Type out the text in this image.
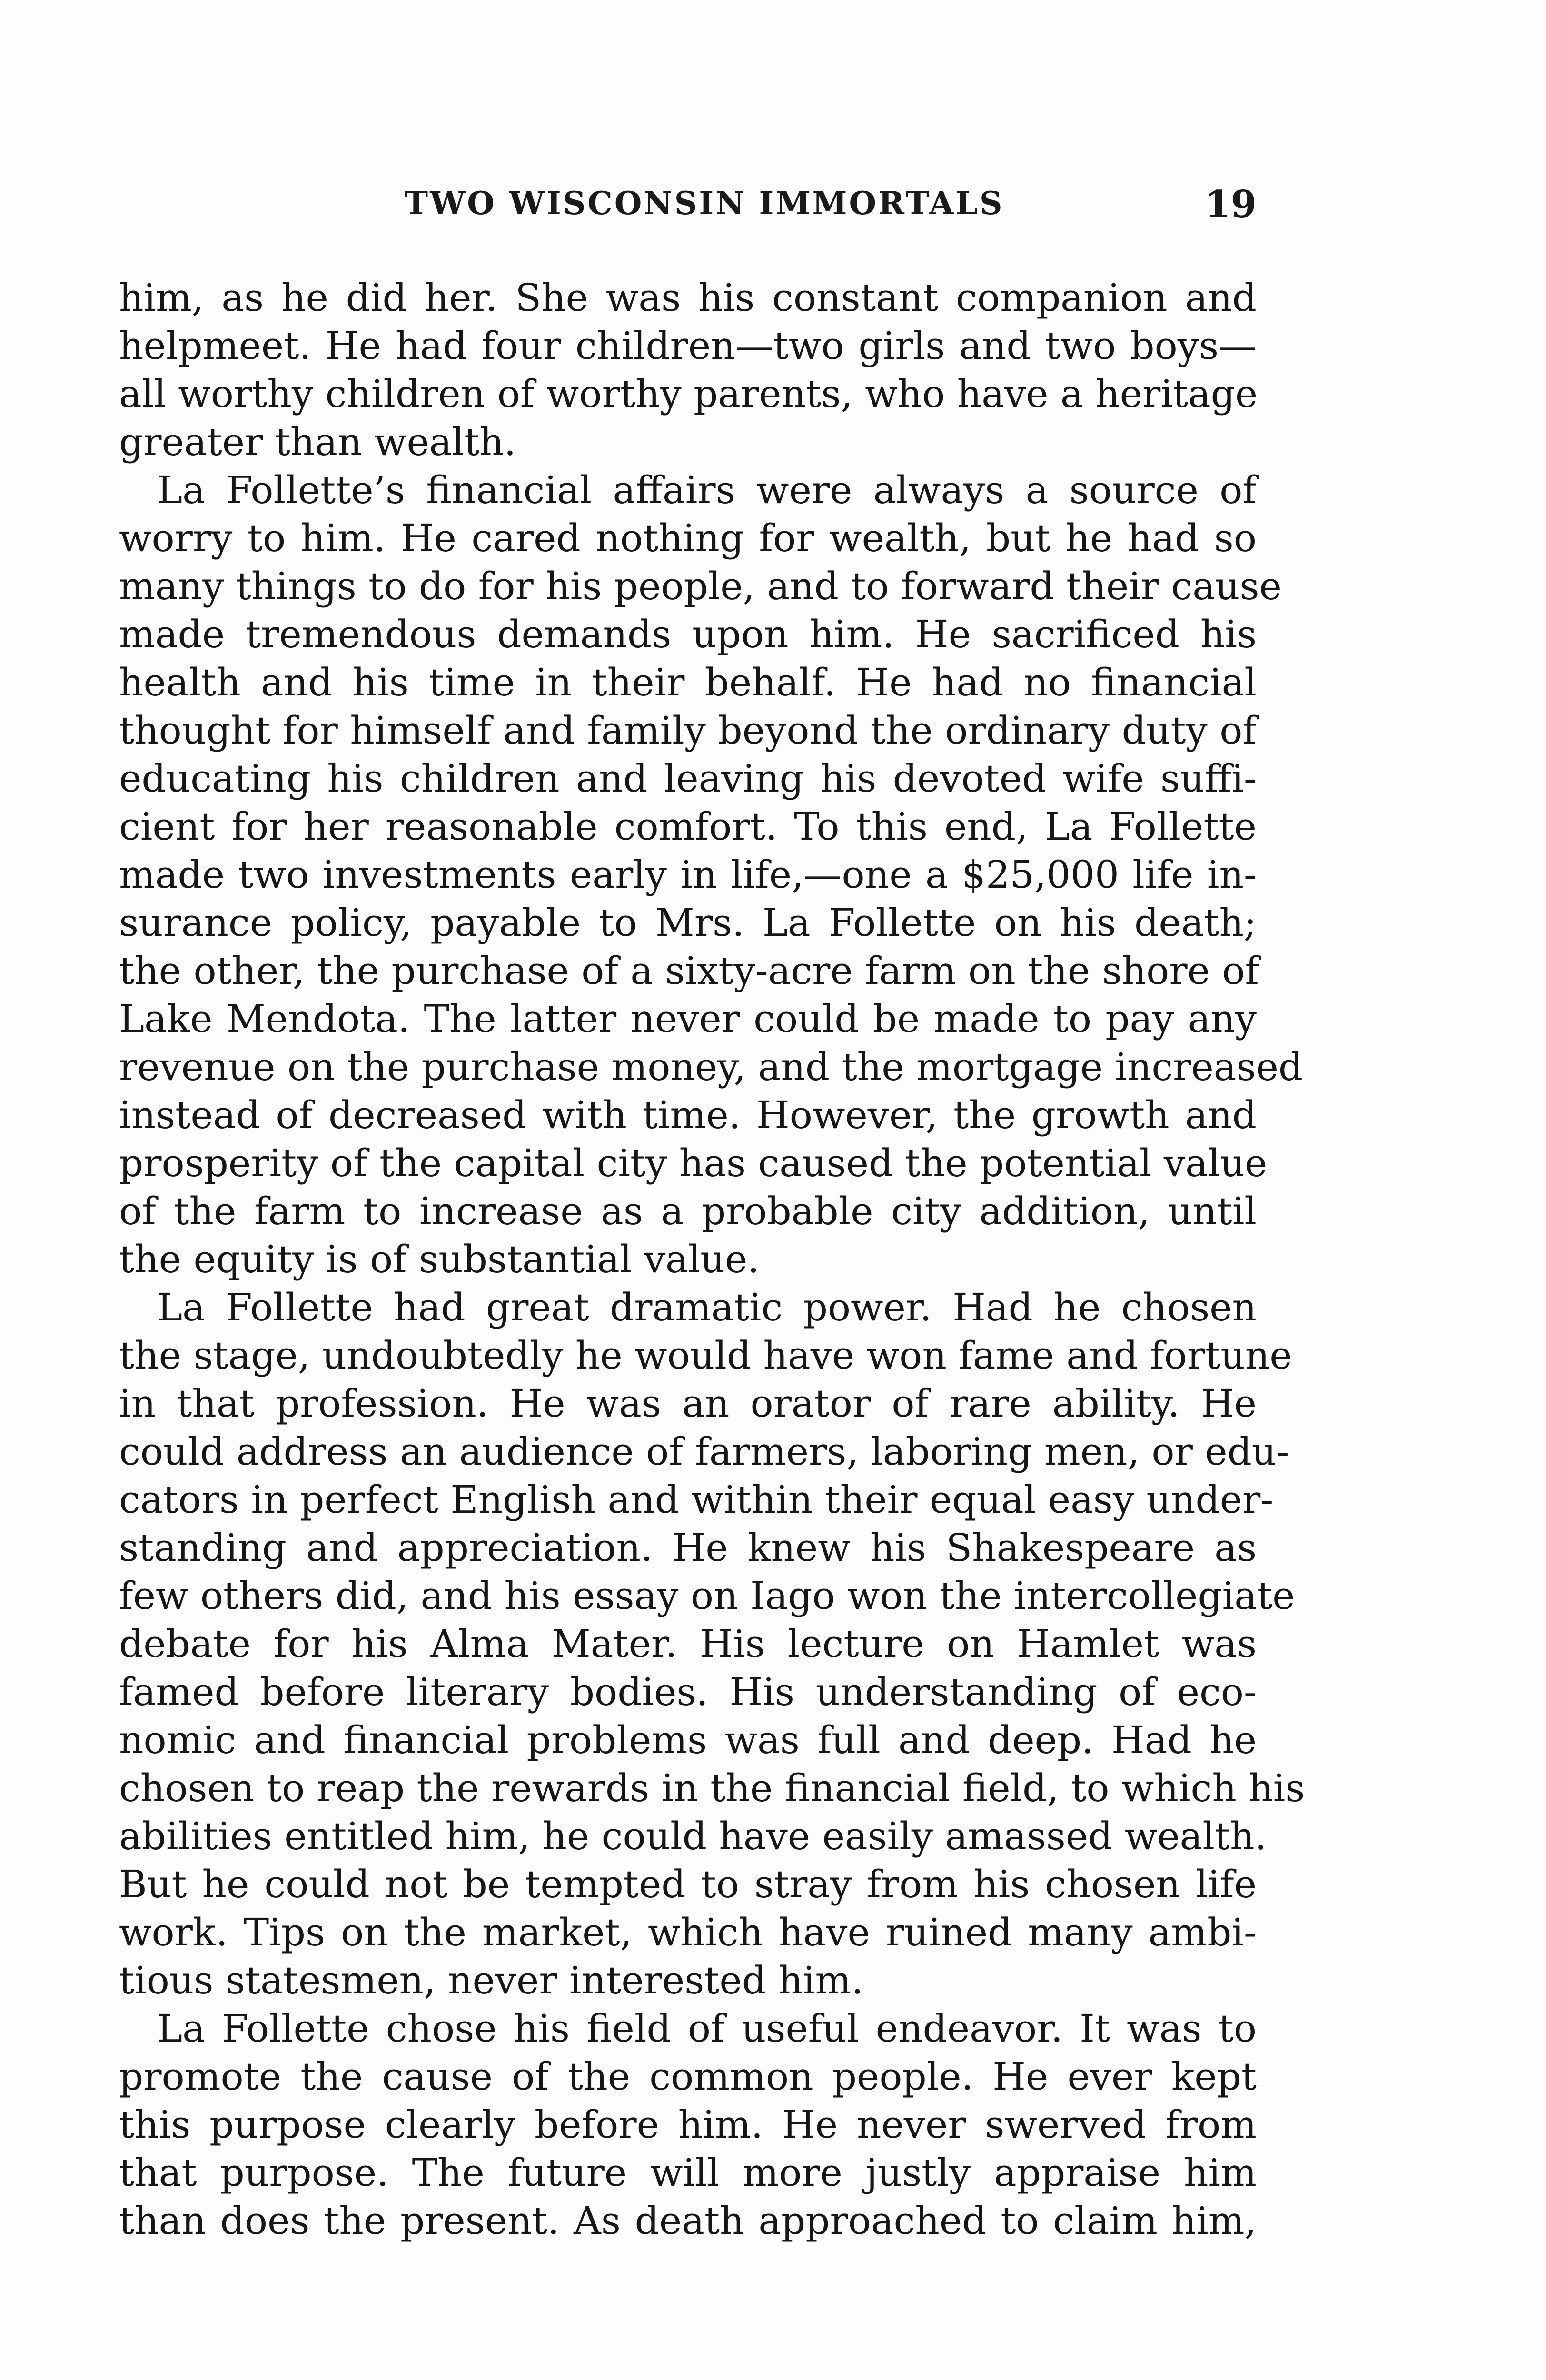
TWO WISCONSIN IMMORTALS	19
him, as he did her. She was his constant companion and
helpmeet. He had four children—two girls and two boys—
all worthy children of worthy parents, who have a heritage
greater than wealth.
La Follette’s financial affairs were always a source of
worry to him. He cared nothing for wealth, but he had so
many things to do for his people, and to forward their cause
made tremendous demands upon him. He sacrificed his
health and his time in their behalf. He had no financial
thought for himself and family beyond the ordinary duty of
educating his children and leaving his devoted wife suffi-
cient for her reasonable comfort. To this end, La Follette
made two investments early in life,—one a $25,000 life in-
surance policy, payable to Mrs. La Follette on his death;
the other, the purchase of a sixty-acre farm on the shore of
Lake Mendota. The latter never could be made to pay any
revenue on the purchase money, and the mortgage increased
instead of decreased with time. However, the growth and
prosperity of the capital city has caused the potential value
of the farm to increase as a probable city addition, until
the equity is of substantial value.
La Follette had great dramatic power. Had he chosen
the stage, undoubtedly he would have won fame and fortune
in that profession. He was an orator of rare ability. He
could address an audience of farmers, laboring men, or edu-
cators in perfect English and within their equal easy under-
standing and appreciation. He knew his Shakespeare as
few others did, and his essay on Iago won the intercollegiate
debate for his Alma Mater. His lecture on Hamlet was
famed before literary bodies. His understanding of eco-
nomic and financial problems was full and deep. Had he
chosen to reap the rewards in the financial field, to which his
abilities entitled him, he could have easily amassed wealth.
But he could not be tempted to stray from his chosen life
work. Tips on the market, which have ruined many ambi-
tious statesmen, never interested him.
La Follette chose his field of useful endeavor. It was to
promote the cause of the common people. He ever kept
this purpose clearly before him. He never swerved from
that purpose. The future will more justly appraise him
than does the present. As death approached to claim him,
